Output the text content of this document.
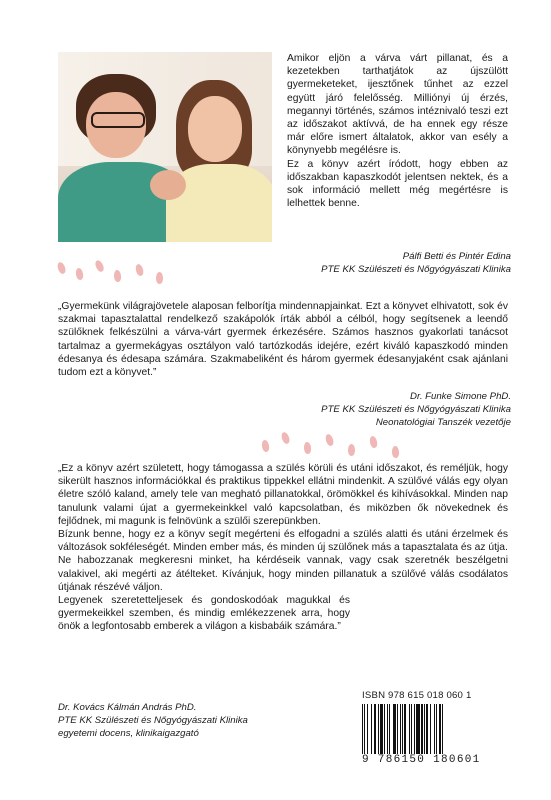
Amikor eljön a várva várt pillanat, és a kezetekben tarthatjátok az újszülött gyermeketeket, ijesztőnek tűnhet az ezzel együtt járó felelősség. Milliónyi új érzés, megannyi történés, számos intéznivaló teszi ezt az időszakot aktívvá, de ha ennek egy része már előre ismert általatok, akkor van esély a könynyebb megélésre is.

Ez a könyv azért íródott, hogy ebben az időszakban kapaszkodót jelentsen nektek, és a sok információ mellett még megértésre is lelhettek benne.

Pálfi Betti és Pintér Edina
PTE KK Szülészeti és Nőgyógyászati Klinika

„Gyermekünk világrajövetele alaposan felborítja mindennapjainkat. Ezt a könyvet elhivatott, sok év szakmai tapasztalattal rendelkező szakápolók írták abból a célból, hogy segítsenek a leendő szülőknek felkészülni a várva-várt gyermek érkezésére. Számos hasznos gyakorlati tanácsot tartalmaz a gyermekágyas osztályon való tartózkodás idejére, ezért kiváló kapaszkodó minden édesanya és édesapa számára. Szakmabeliként és három gyermek édesanyjaként csak ajánlani tudom ezt a könyvet.”

Dr. Funke Simone PhD.
PTE KK Szülészeti és Nőgyógyászati Klinika
Neonatológiai Tanszék vezetője

„Ez a könyv azért született, hogy támogassa a szülés körüli és utáni időszakot, és reméljük, hogy sikerült hasznos információkkal és praktikus tippekkel ellátni mindenkit. A szülővé válás egy olyan életre szóló kaland, amely tele van megható pillanatokkal, örömökkel és kihívásokkal. Minden nap tanulunk valami újat a gyermekeinkkel való kapcsolatban, és miközben ők növekednek és fejlődnek, mi magunk is felnövünk a szülői szerepünkben.

Bízunk benne, hogy ez a könyv segít megérteni és elfogadni a szülés alatti és utáni érzelmek és változások sokféleségét. Minden ember más, és minden új szülőnek más a tapasztalata és az útja.

Ne habozzanak megkeresni minket, ha kérdéseik vannak, vagy csak szeretnék beszélgetni valakivel, aki megérti az átélteket. Kívánjuk, hogy minden pillanatuk a szülővé válás csodálatos útjának részévé váljon.

Legyenek szeretetteljesek és gondoskodóak magukkal és gyermekeikkel szemben, és mindig emlékezzenek arra, hogy önök a legfontosabb emberek a világon a kisbabáik számára.”

Dr. Kovács Kálmán András PhD.
PTE KK Szülészeti és Nőgyógyászati Klinika
egyetemi docens, klinikaigazgató
ISBN 978 615 018 060 1
9 786150 180601
